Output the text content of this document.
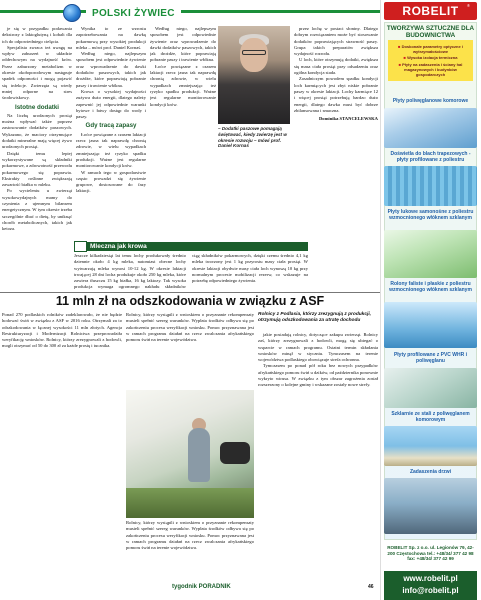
POLSKI ŻYWIEC

je się w przypadku podawania dekstrozy z laktoglutyną i kobalt dla ich do odpowiedniego cielęcia.

Specjalista zwraca też uwagę na wpływ zaburzeń w układzie oddechowym na wydajność krów. Przez zaburzony metabolizm w okresie okołoporodowym następuje spadek odporności i mogą pojawić się infekcje. Zwierzęta są wtedy mniej odporne na stres środowiskowy.

Istotne dodatki

Na liczbę urodzonych prosiąt można wpływać także poprzez zastosowanie dodatków paszowych. Wykazano, że maciory otrzymujące dodatki mineralne mają więcej żywo urodzonych prosiąt.

Dzięki temu lepiej wykorzystywane są składniki pokarmowe, a zdrowotność przewodu pokarmowego się poprawia. Ekstrakty roślinne zwiększają zawartość białka w mleku.

Po wycieleniu u zwierząt wysokowydajnych mamy do czynienia z ujemnym bilansem energetycznym. W tym okresie trzeba szczególnie dbać o dietę, by uniknąć chorób metabolicznych, takich jak ketoza.

Wynika to ze wzrostu zapotrzebowania na dawkę pokarmową przy wysokiej produkcji mleka – mówi prof. Daniel Kornaś.

Według niego, najlepszym sposobem jest odpowiednie żywienie oraz wprowadzenie do dawki dodatków paszowych, takich jak drożdże, które poprawiają pobranie paszy i trawienie włókna.

Krowa o wysokiej wydajności zużywa dużo energii, dlatego należy zapewnić jej odpowiednie warunki bytowe i łatwy dostęp do wody i paszy.

Gdy tracą zapasy

Łoćce powiązane z czasem laktacji rzecz jasna tak naprawdę chronią zdrowie, w wielu wypadkach zmniejszając też ryzyko spadku produkcji. Ważne jest regularne monitorowanie kondycji krów.

W ramach tego w gospodarstwie często prowadzi się żywienie grupowe, dostosowane do fazy laktacji.

Według niego, najlepszym sposobem jest odpowiednie żywienie oraz wprowadzenie do dawki dodatków paszowych, takich jak drożdże, które poprawiają pobranie paszy i trawienie włókna.

Łoćce powiązane z czasem laktacji rzecz jasna tak naprawdę chronią zdrowie, w wielu wypadkach zmniejszając też ryzyko spadku produkcji. Ważne jest regularne monitorowanie kondycji krów.

– Dodatki paszowe pomagają świętować, kiedy zwierzę jest w okresie rozwoju – mówi prof. Daniel Kornaś

przez lochę w postaci słoniny. Dlatego dobrym rozwiązaniem może być stosowanie dodatków poprawiających strawność paszy. Grupa takich preparatów zwiększa wydajność rozrodu.

U loch, które otrzymują dodatki, zwiększa się masa ciała prosiąt przy odsadzeniu oraz ogólna kondycja stada.

Zasadniczym powodem spadku kondycji loch karmiących jest zbyt niskie pobranie paszy w okresie laktacji. Lochy karmiące 12 i więcej prosiąt potrzebują bardzo dużo energii, dlatego dawka musi być dobrze zbilansowana i smaczna.

Dominika STANCELEWSKA

Mleczna jak krowa
Jeszcze kilkadziesiąt lat temu lochy produkowały średnio dziennie około 4 kg mleka, natomiast obecne lochy wytwarzają mleka wynosi 10-12 kg. W okresie laktacji trwającej 28 dni locha produkuje około 250 kg mleka, które zawiera tłuszczu 15 kg białka, 16 kg laktozy. Tak wysoka produkcja wymaga ogromnego nakładu składników
ciąg składników pokarmowych, dzięki czemu średnio 4,1 kg mleka tworzony jest 1 kg przyrostu masy ciała prosiąt. W okresie laktacji obydwie masy ciała loch wynoszą 10 kg przy normalnym procesie mobilizacji rezerw, co wskazuje na potrzebę odpowiedniego żywienia.
11 mln zł na odszkodowania w związku z ASF
Ponad 270 podlaskich rolników zadeklarowało, że nie będzie hodować świń w związku z ASF w 2016 roku. Otrzymali za to odszkodowania w łącznej wysokości 11 mln złotych. Agencja Restrukturyzacji i Modernizacji Rolnictwa przeprowadziła weryfikację wniosków. Rolnicy, którzy zrezygnowali z hodowli, mogli otrzymać od 50 do 300 zł za każde prosię i tucznika.
Rolnicy, którzy wystąpili z wnioskiem o przyznanie rekompensaty musieli spełnić szereg warunków. Wypłata środków odbywa się po zakończeniu procesu weryfikacji wniosku. Pomoc przyznawana jest w ramach programu działań na rzecz zwalczania afrykańskiego pomoru świń na terenie województwa.
Rolnicy, którzy wystąpili z wnioskiem o przyznanie rekompensaty musieli spełnić szereg warunków. Wypłata środków odbywa się po zakończeniu procesu weryfikacji wniosku. Pomoc przyznawana jest w ramach programu działań na rzecz zwalczania afrykańskiego pomoru świń na terenie województwa.
Rolnicy z Podlasia, którzy zrezygnują z produkcji, otrzymują odszkodowania za utratę dochodu

jakie posiadają rolnicy, dotyczące zakupu zwierząt. Rolnicy zaś, którzy zrezygnowali z hodowli, mogą się ubiegać o wsparcie w ramach programu. Ostatni termin składania wniosków minął w styczniu. Tymczasem na terenie województwa podlaskiego obowiązuje strefa ochronna.

Tymczasem po ponad pół roku bez nowych przypadków afrykańskiego pomoru świń u dzików, od października ponownie wykryto wirusa. W związku z tym obszar zagrożenia został rozszerzony o kolejne gminy i wskazane zostały nowe strefy.

tygodnik PORADNIK	46
ROBELIT	®
TWORZYWA SZTUCZNE DLA BUDOWNICTWA
■ Doskonałe parametry optyczne i wytrzymałościowe
■ Wysoka izolacja termiczna
■ Płyty na zadaszenia i ściany hal magazynowych i budynków gospodarczych
Płyty poliwęglanowe komorowe
Doświetla do blach trapezowych - płyty profilowane z poliestru
Płyty lukowe samonośne z poliestru wzmocnionego włóknem szklanym
Rolony faliste i płaskie z poliestru wzmocnionego włóknem szklanym
Płyty profilowane z PVC WHR i poliwęglanu
Szklarnie ze stali z poliwęglanem komorowym
Zadaszenia drzwi
ROBELIT Sp. z o.o. ul. Legionów 79, 42-200 Częstochowa tel.: +48/34/ 377 42 98 fax: +48/34/ 377 42 99
www.robelit.pl
info@robelit.pl
